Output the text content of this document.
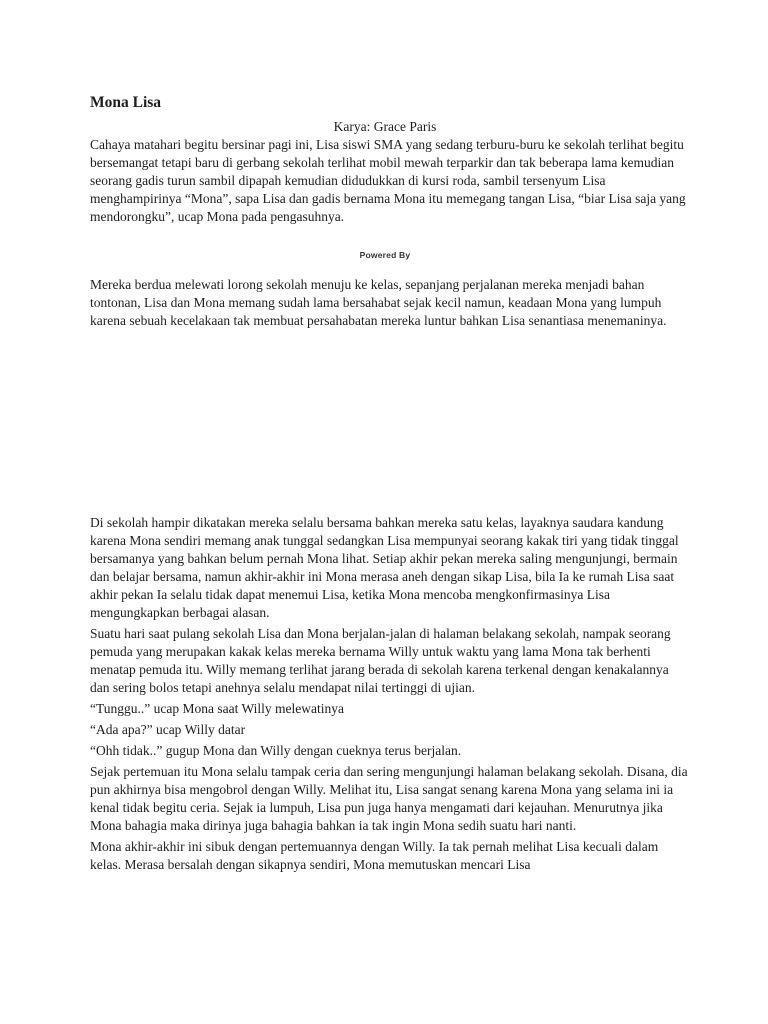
Mona Lisa

Karya: Grace Paris

Cahaya matahari begitu bersinar pagi ini, Lisa siswi SMA yang sedang terburu-buru ke sekolah terlihat begitu bersemangat tetapi baru di gerbang sekolah terlihat mobil mewah terparkir dan tak beberapa lama kemudian seorang gadis turun sambil dipapah kemudian didudukkan di kursi roda, sambil tersenyum Lisa menghampirinya “Mona”, sapa Lisa dan gadis bernama Mona itu memegang tangan Lisa, “biar Lisa saja yang mendorongku”, ucap Mona pada pengasuhnya.

Powered By

Mereka berdua melewati lorong sekolah menuju ke kelas, sepanjang perjalanan mereka menjadi bahan tontonan, Lisa dan Mona memang sudah lama bersahabat sejak kecil namun, keadaan Mona yang lumpuh karena sebuah kecelakaan tak membuat persahabatan mereka luntur bahkan Lisa senantiasa menemaninya.

Di sekolah hampir dikatakan mereka selalu bersama bahkan mereka satu kelas, layaknya saudara kandung karena Mona sendiri memang anak tunggal sedangkan Lisa mempunyai seorang kakak tiri yang tidak tinggal bersamanya yang bahkan belum pernah Mona lihat. Setiap akhir pekan mereka saling mengunjungi, bermain dan belajar bersama, namun akhir-akhir ini Mona merasa aneh dengan sikap Lisa, bila Ia ke rumah Lisa saat akhir pekan Ia selalu tidak dapat menemui Lisa, ketika Mona mencoba mengkonfirmasinya Lisa mengungkapkan berbagai alasan.

Suatu hari saat pulang sekolah Lisa dan Mona berjalan-jalan di halaman belakang sekolah, nampak seorang pemuda yang merupakan kakak kelas mereka bernama Willy untuk waktu yang lama Mona tak berhenti menatap pemuda itu. Willy memang terlihat jarang berada di sekolah karena terkenal dengan kenakalannya dan sering bolos tetapi anehnya selalu mendapat nilai tertinggi di ujian.

“Tunggu..” ucap Mona saat Willy melewatinya

“Ada apa?” ucap Willy datar

“Ohh tidak..” gugup Mona dan Willy dengan cueknya terus berjalan.

Sejak pertemuan itu Mona selalu tampak ceria dan sering mengunjungi halaman belakang sekolah. Disana, dia pun akhirnya bisa mengobrol dengan Willy. Melihat itu, Lisa sangat senang karena Mona yang selama ini ia kenal tidak begitu ceria. Sejak ia lumpuh, Lisa pun juga hanya mengamati dari kejauhan. Menurutnya jika Mona bahagia maka dirinya juga bahagia bahkan ia tak ingin Mona sedih suatu hari nanti.

Mona akhir-akhir ini sibuk dengan pertemuannya dengan Willy. Ia tak pernah melihat Lisa kecuali dalam kelas. Merasa bersalah dengan sikapnya sendiri, Mona memutuskan mencari Lisa
